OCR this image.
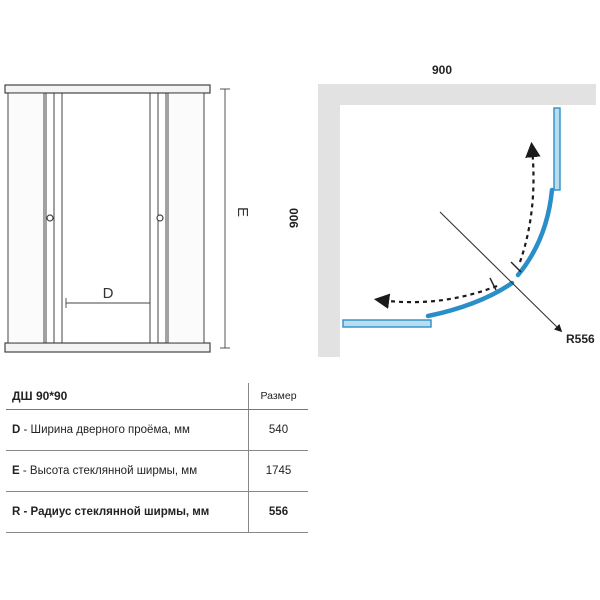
D
E
900
900
R556
ДШ 90*90	Размер
D - Ширина дверного проёма, мм	540
E - Высота стеклянной ширмы, мм	1745
R - Радиус стеклянной ширмы, мм	556
